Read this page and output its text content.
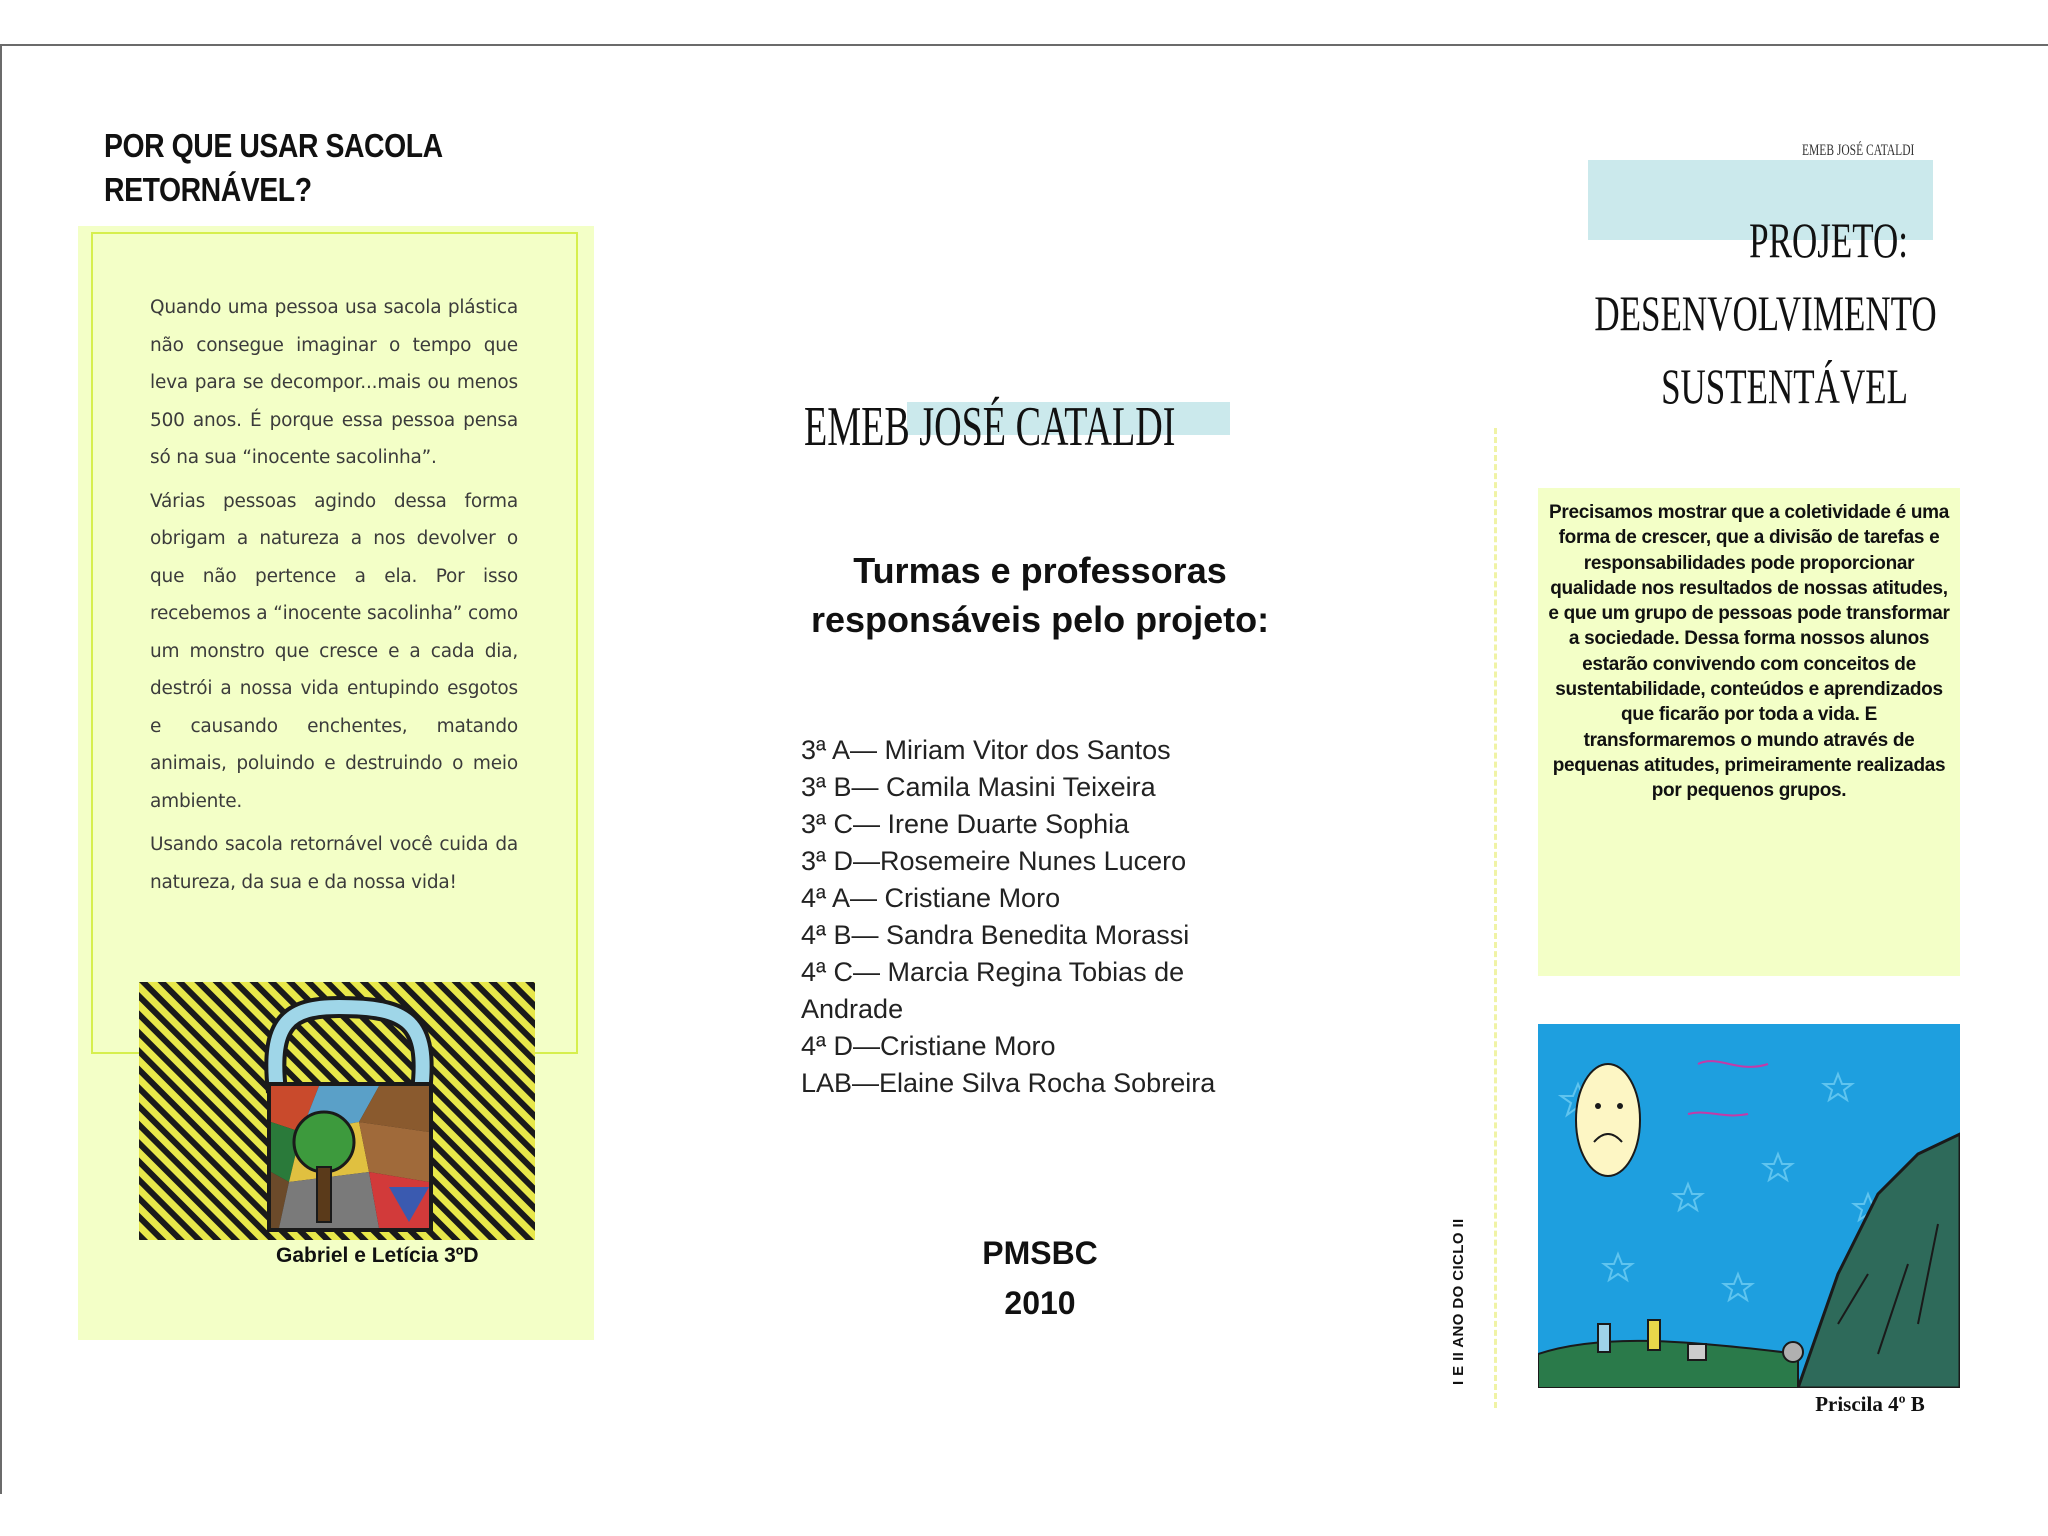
POR QUE USAR SACOLA RETORNÁVEL?

Quando uma pessoa usa sacola plástica não consegue imaginar o tempo que leva para se decompor...mais ou menos 500 anos. É porque essa pessoa pensa só na sua “inocente sacolinha”.

Várias pessoas agindo dessa forma obrigam a natureza a nos devolver o que não pertence a ela. Por isso recebemos a “inocente sacolinha” como um monstro que cresce e a cada dia, destrói a nossa vida entupindo esgotos e causando enchentes, matando animais, poluindo e destruindo o meio ambiente.

Usando sacola retornável você cuida da natureza, da sua e da nossa vida!

Gabriel e Letícia 3ºD
EMEB JOSÉ CATALDI
Turmas e professoras responsáveis pelo projeto:
3ª A— Miriam Vitor dos Santos
3ª B— Camila Masini Teixeira
3ª C— Irene Duarte Sophia
3ª D—Rosemeire Nunes Lucero
4ª A— Cristiane Moro
4ª B— Sandra Benedita Morassi
4ª C— Marcia Regina Tobias de Andrade
4ª D—Cristiane Moro
LAB—Elaine Silva Rocha Sobreira
PMSBC
2010	I E II ANO DO CICLO II
EMEB JOSÉ CATALDI
PROJETO:
DESENVOLVIMENTO
SUSTENTÁVEL
Precisamos mostrar que a coletividade é uma forma de crescer, que a divisão de tarefas e responsabilidades pode proporcionar qualidade nos resultados de nossas atitudes, e que um grupo de pessoas pode transformar a sociedade. Dessa forma nossos alunos estarão convivendo com conceitos de sustentabilidade, conteúdos e aprendizados que ficarão por toda a vida. E transformaremos o mundo através de pequenas atitudes, primeiramente realizadas por pequenos grupos.
Priscila 4º B
